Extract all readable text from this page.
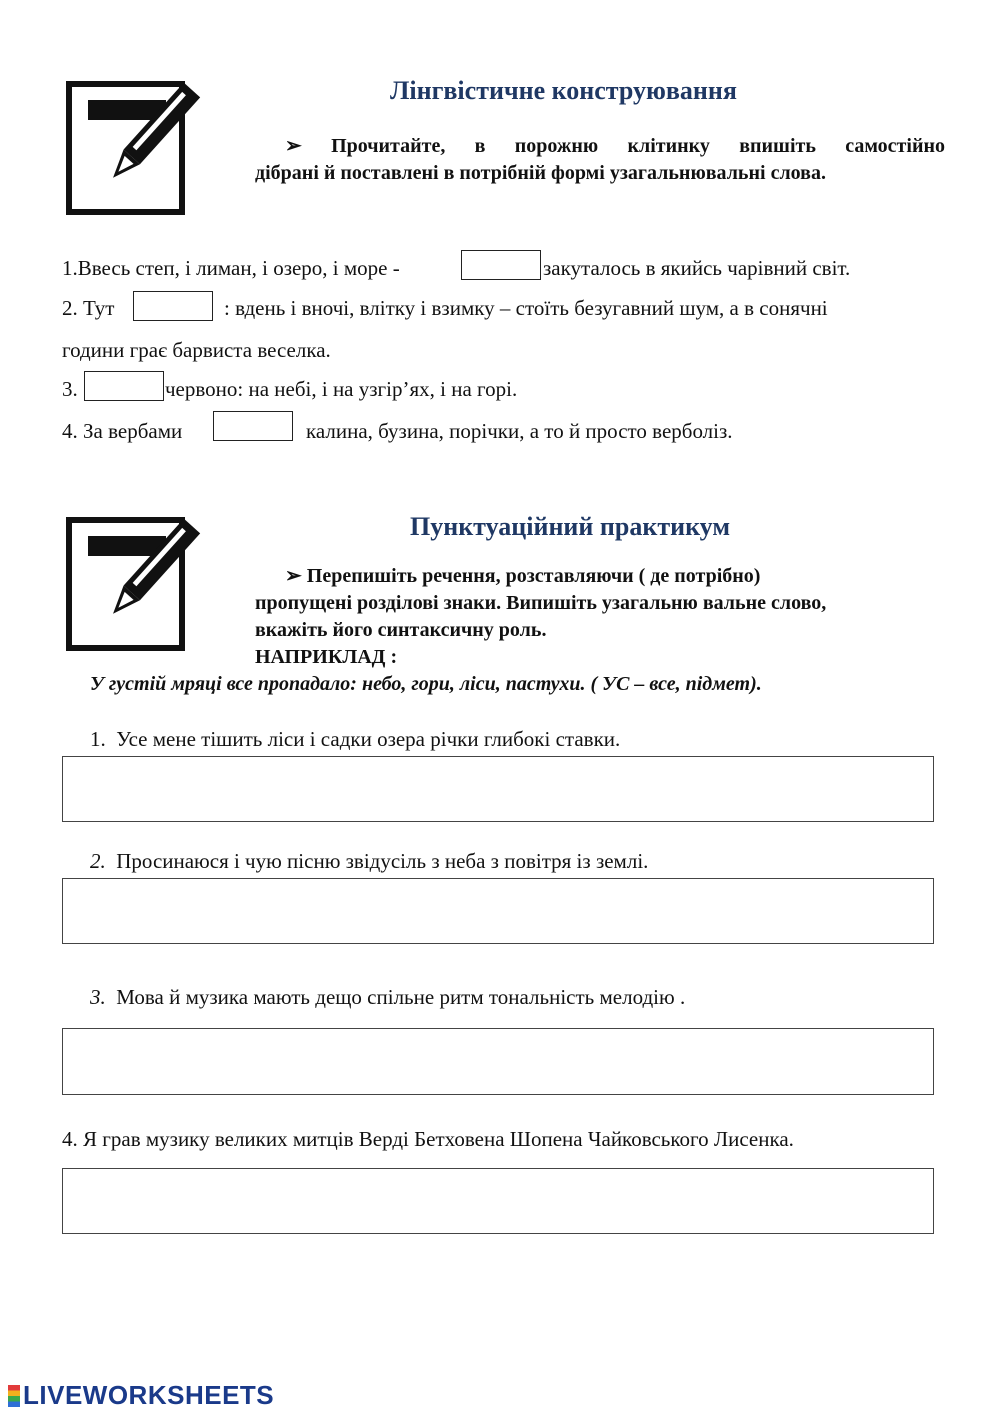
Лінгвістичне конструювання
➢ Прочитайте, в порожню клітинку впишіть самостійно
дібрані й поставлені в потрібній формі узагальнювальні слова.
1.Ввесь степ, і лиман, і озеро, і море -	закуталось в якийсь чарівний світ.
2. Тут	: вдень і вночі, влітку і взимку – стоїть безугавний шум, а в сонячні
години грає барвиста веселка.
3.	червоно: на небі, і на узгір’ях, і на горі.
4. За вербами	калина, бузина, порічки, а то й просто верболіз.
Пунктуаційний практикум
➢ Перепишіть речення, розставляючи ( де потрібно)
пропущені розділові знаки. Випишіть узагальню вальне слово,
вкажіть його синтаксичну роль.
НАПРИКЛАД :
У густій мряці все пропадало: небо, гори, ліси, пастухи. ( УС – все, підмет).
1. Усе мене тішить ліси і садки озера річки глибокі ставки.
2. Просинаюся і чую пісню звідусіль з неба з повітря із землі.
3. Мова й музика мають дещо спільне ритм тональність мелодію .
4. Я грав музику великих митців Верді Бетховена Шопена Чайковського Лисенка.
LIVEWORKSHEETS
